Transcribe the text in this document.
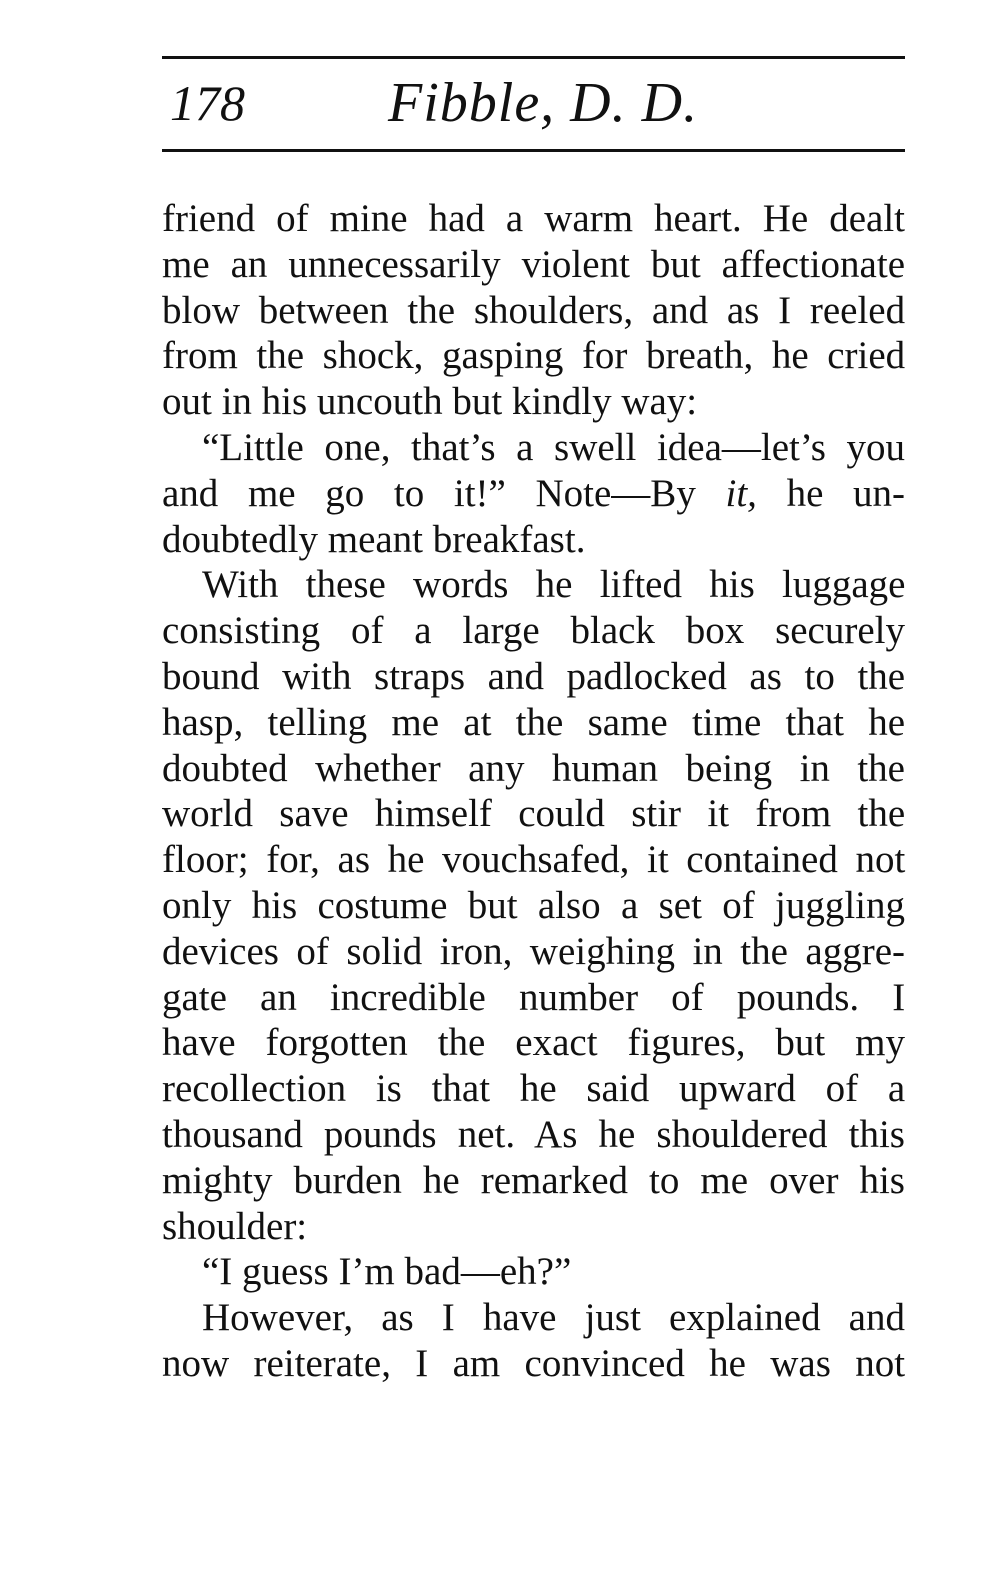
178	Fibble, D. D.
friend of mine had a warm heart. He dealt
me an unnecessarily violent but affectionate
blow between the shoulders, and as I reeled
from the shock, gasping for breath, he cried
out in his uncouth but kindly way:
“Little one, that’s a swell idea—let’s you
and me go to it!” Note—By it, he un-
doubtedly meant breakfast.
With these words he lifted his luggage
consisting of a large black box securely
bound with straps and padlocked as to the
hasp, telling me at the same time that he
doubted whether any human being in the
world save himself could stir it from the
floor; for, as he vouchsafed, it contained not
only his costume but also a set of juggling
devices of solid iron, weighing in the aggre-
gate an incredible number of pounds. I
have forgotten the exact figures, but my
recollection is that he said upward of a
thousand pounds net. As he shouldered this
mighty burden he remarked to me over his
shoulder:
“I guess I’m bad—eh?”
However, as I have just explained and
now reiterate, I am convinced he was not
